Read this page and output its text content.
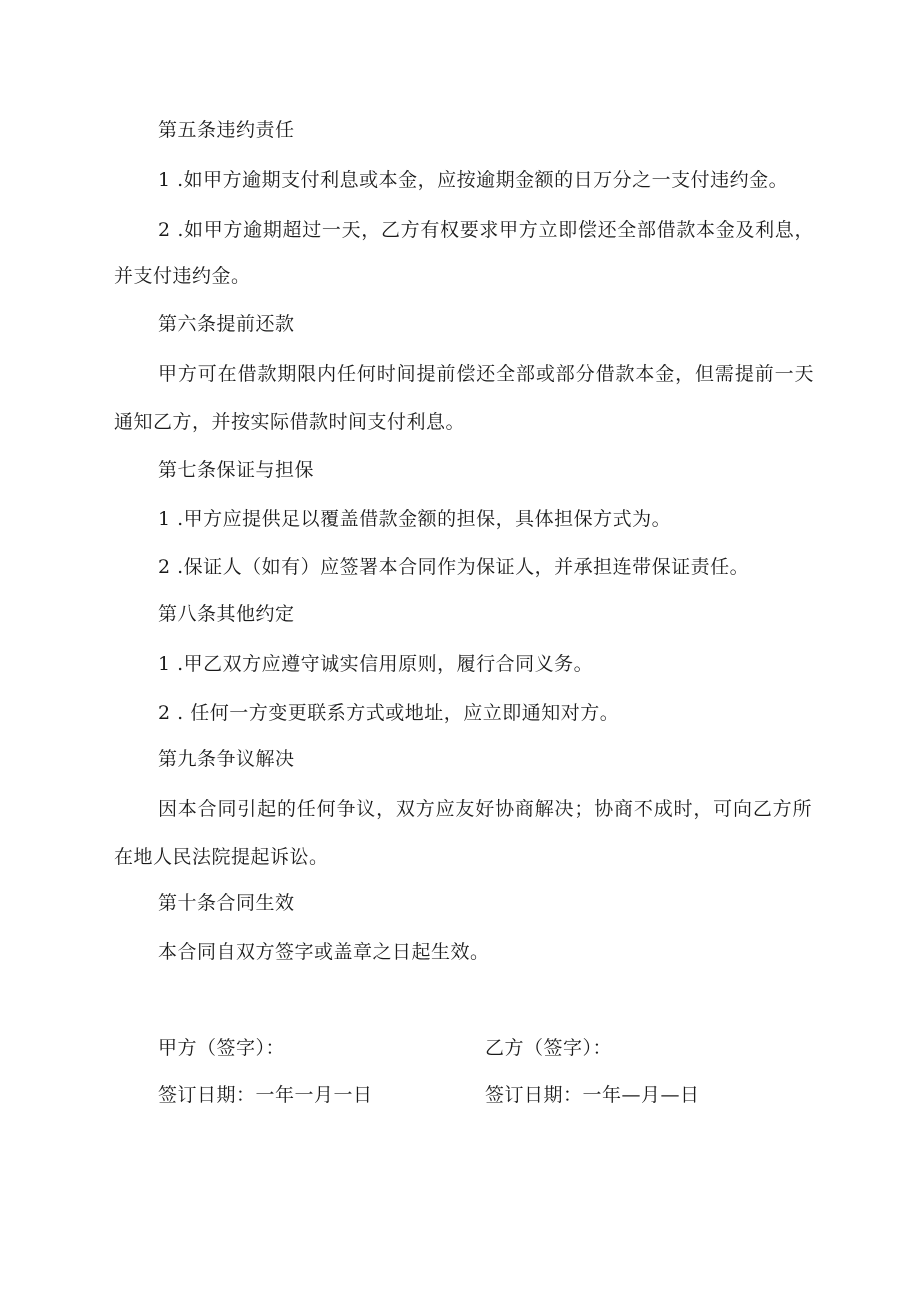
第五条违约责任
1 .如甲方逾期支付利息或本金，应按逾期金额的日万分之一支付违约金。
2 .如甲方逾期超过一天，乙方有权要求甲方立即偿还全部借款本金及利息，
并支付违约金。
第六条提前还款
甲方可在借款期限内任何时间提前偿还全部或部分借款本金，但需提前一天
通知乙方，并按实际借款时间支付利息。
第七条保证与担保
1 .甲方应提供足以覆盖借款金额的担保，具体担保方式为。
2 .保证人（如有）应签署本合同作为保证人，并承担连带保证责任。
第八条其他约定
1 .甲乙双方应遵守诚实信用原则，履行合同义务。
2 . 任何一方变更联系方式或地址，应立即通知对方。
第九条争议解决
因本合同引起的任何争议，双方应友好协商解决；协商不成时，可向乙方所
在地人民法院提起诉讼。
第十条合同生效
本合同自双方签字或盖章之日起生效。
甲方（签字）：	乙方（签字）：
签订日期：一年一月一日	签订日期：一年—月—日
